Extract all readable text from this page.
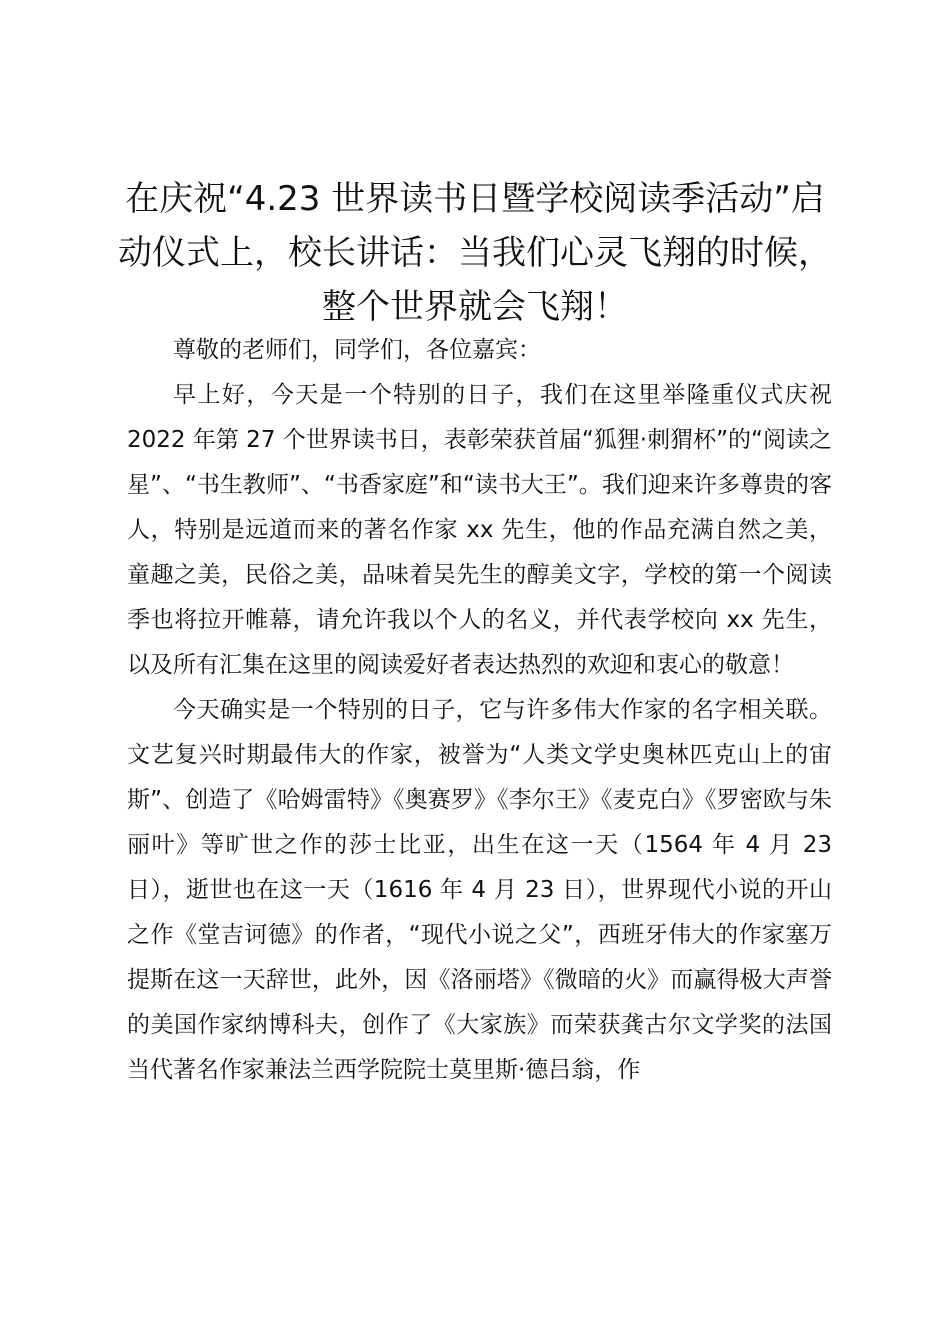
在庆祝“4.23 世界读书日暨学校阅读季活动”启动仪式上，校长讲话：当我们心灵飞翔的时候，整个世界就会飞翔！

尊敬的老师们，同学们，各位嘉宾：

早上好，今天是一个特别的日子，我们在这里举隆重仪式庆祝 2022 年第 27 个世界读书日，表彰荣获首届“狐狸·刺猬杯”的“阅读之星”、“书生教师”、“书香家庭”和“读书大王”。我们迎来许多尊贵的客人，特别是远道而来的著名作家 xx 先生，他的作品充满自然之美，童趣之美，民俗之美，品味着吴先生的醇美文字，学校的第一个阅读季也将拉开帷幕，请允许我以个人的名义，并代表学校向 xx 先生，以及所有汇集在这里的阅读爱好者表达热烈的欢迎和衷心的敬意！

今天确实是一个特别的日子，它与许多伟大作家的名字相关联。文艺复兴时期最伟大的作家，被誉为“人类文学史奥林匹克山上的宙斯”、创造了《哈姆雷特》《奥赛罗》《李尔王》《麦克白》《罗密欧与朱丽叶》等旷世之作的莎士比亚，出生在这一天（1564 年 4 月 23 日），逝世也在这一天（1616 年 4 月 23 日），世界现代小说的开山之作《堂吉诃德》的作者，“现代小说之父”，西班牙伟大的作家塞万提斯在这一天辞世，此外，因《洛丽塔》《微暗的火》而赢得极大声誉的美国作家纳博科夫，创作了《大家族》而荣获龚古尔文学奖的法国当代著名作家兼法兰西学院院士莫里斯·德吕翁，作
